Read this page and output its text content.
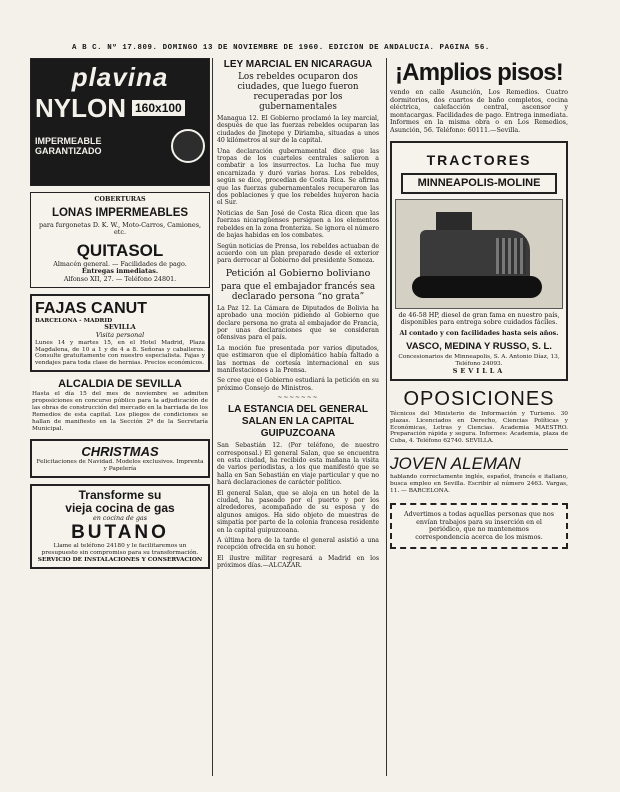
A B C. Nº 17.809. DOMINGO 13 DE NOVIEMBRE DE 1960. EDICION DE ANDALUCIA. PAGINA 56.
plavina
NYLON 160x100
IMPERMEABLE
GARANTIZADO
COBERTURAS
LONAS IMPERMEABLES
para furgonetas D. K. W., Moto-Carros, Camiones, etc.
QUITASOL
Almacén general. — Facilidades de pago.
Entregas inmediatas.
Alfonso XII, 27. — Teléfono 24801.
FAJAS CANUT
BARCELONA - MADRID
SEVILLA
Visita personal
Lunes 14 y martes 15, en el Hotel Madrid, Plaza Magdalena, de 10 a 1 y de 4 a 8. Señoras y caballeros. Consulte gratuitamente con nuestro especialista. Fajas y vendajes para toda clase de hernias. Precios económicos.
ALCALDIA DE SEVILLA
Hasta el día 15 del mes de noviembre se admiten proposiciones en concurso público para la adjudicación de las obras de construcción del mercado en la barriada de los Remedios de esta capital. Los pliegos de condiciones se hallan de manifiesto en la Sección 2ª de la Secretaría Municipal.
CHRISTMAS
Felicitaciones de Navidad. Modelos exclusivos. Imprenta y Papelería
Transforme su
vieja cocina de gas
en cocina de gas
BUTANO
Llame al teléfono 24180 y le facilitaremos un presupuesto sin compromiso para su transformación.
SERVICIO DE INSTALACIONES Y CONSERVACION
LEY MARCIAL EN NICARAGUA
Los rebeldes ocuparon dos ciudades, que luego fueron recuperadas por los gubernamentales

Managua 12. El Gobierno proclamó la ley marcial, después de que las fuerzas rebeldes ocuparan las ciudades de Jinotepe y Diriamba, situadas a unos 40 kilómetros al sur de la capital.

Una declaración gubernamental dice que las tropas de los cuarteles centrales salieron a combatir a los insurrectos. La lucha fue muy encarnizada y duró varias horas. Los rebeldes, según se dice, procedían de Costa Rica. Se afirma que las fuerzas gubernamentales recuperaron las dos poblaciones y que los rebeldes huyeron hacia el Sur.

Noticias de San José de Costa Rica dicen que las fuerzas nicaragüenses persiguen a los elementos rebeldes en la zona fronteriza. Se ignora el número de bajas habidas en los combates.

Según noticias de Prensa, los rebeldes actuaban de acuerdo con un plan preparado desde el exterior para derrocar al Gobierno del presidente Somoza.

Petición al Gobierno boliviano
para que el embajador francés sea declarado persona “no grata”

La Paz 12. La Cámara de Diputados de Bolivia ha aprobado una moción pidiendo al Gobierno que declare persona no grata al embajador de Francia, por unas declaraciones que se consideran ofensivas para el país.

La moción fue presentada por varios diputados, que estimaron que el diplomático había faltado a las normas de cortesía internacional en sus manifestaciones a la Prensa.

Se cree que el Gobierno estudiará la petición en su próximo Consejo de Ministros.

~~~~~~~
LA ESTANCIA DEL GENERAL SALAN EN LA CAPITAL GUIPUZCOANA

San Sebastián 12. (Por teléfono, de nuestro corresponsal.) El general Salan, que se encuentra en esta ciudad, ha recibido esta mañana la visita de varios periodistas, a los que manifestó que se halla en San Sebastián en viaje particular y que no hará declaraciones de carácter político.

El general Salan, que se aloja en un hotel de la ciudad, ha paseado por el puerto y por los alrededores, acompañado de su esposa y de algunos amigos. Ha sido objeto de muestras de simpatía por parte de la colonia francesa residente en la capital guipuzcoana.

A última hora de la tarde el general asistió a una recepción ofrecida en su honor.

El ilustre militar regresará a Madrid en los próximos días.—ALCAZAR.

¡Amplios pisos!
vendo en calle Asunción, Los Remedios. Cuatro dormitorios, dos cuartos de baño completos, cocina eléctrica, calefacción central, ascensor y montacargas. Facilidades de pago. Entrega inmediata. Informes en la misma obra o en Los Remedios, Asunción, 56. Teléfono: 60111.—Sevilla.
TRACTORES
MINNEAPOLIS-MOLINE
de 46-58 HP, diesel de gran fama en nuestro país, disponibles para entrega sobre cuidados fáciles.
Al contado y con facilidades hasta seis años.
VASCO, MEDINA Y RUSSO, S. L.
Concesionarios de Minneapolis, S. A. Antonio Díaz, 13, Teléfono 24093.
SEVILLA
OPOSICIONES
Técnicos del Ministerio de Información y Turismo. 30 plazas. Licenciados en Derecho, Ciencias Políticas y Económicas, Letras y Ciencias. Academia MAESTRO. Preparación rápida y segura. Informes: Academia, plaza de Cuba, 4. Teléfono 62740. SEVILLA.
JOVEN ALEMAN
hablando correctamente inglés, español, francés e italiano, busca empleo en Sevilla. Escribir al número 2463. Vargas, 11. — BARCELONA.
Advertimos a todas aquellas personas que nos envían trabajos para su inserción en el periódico, que no mantenemos correspondencia acerca de los mismos.
